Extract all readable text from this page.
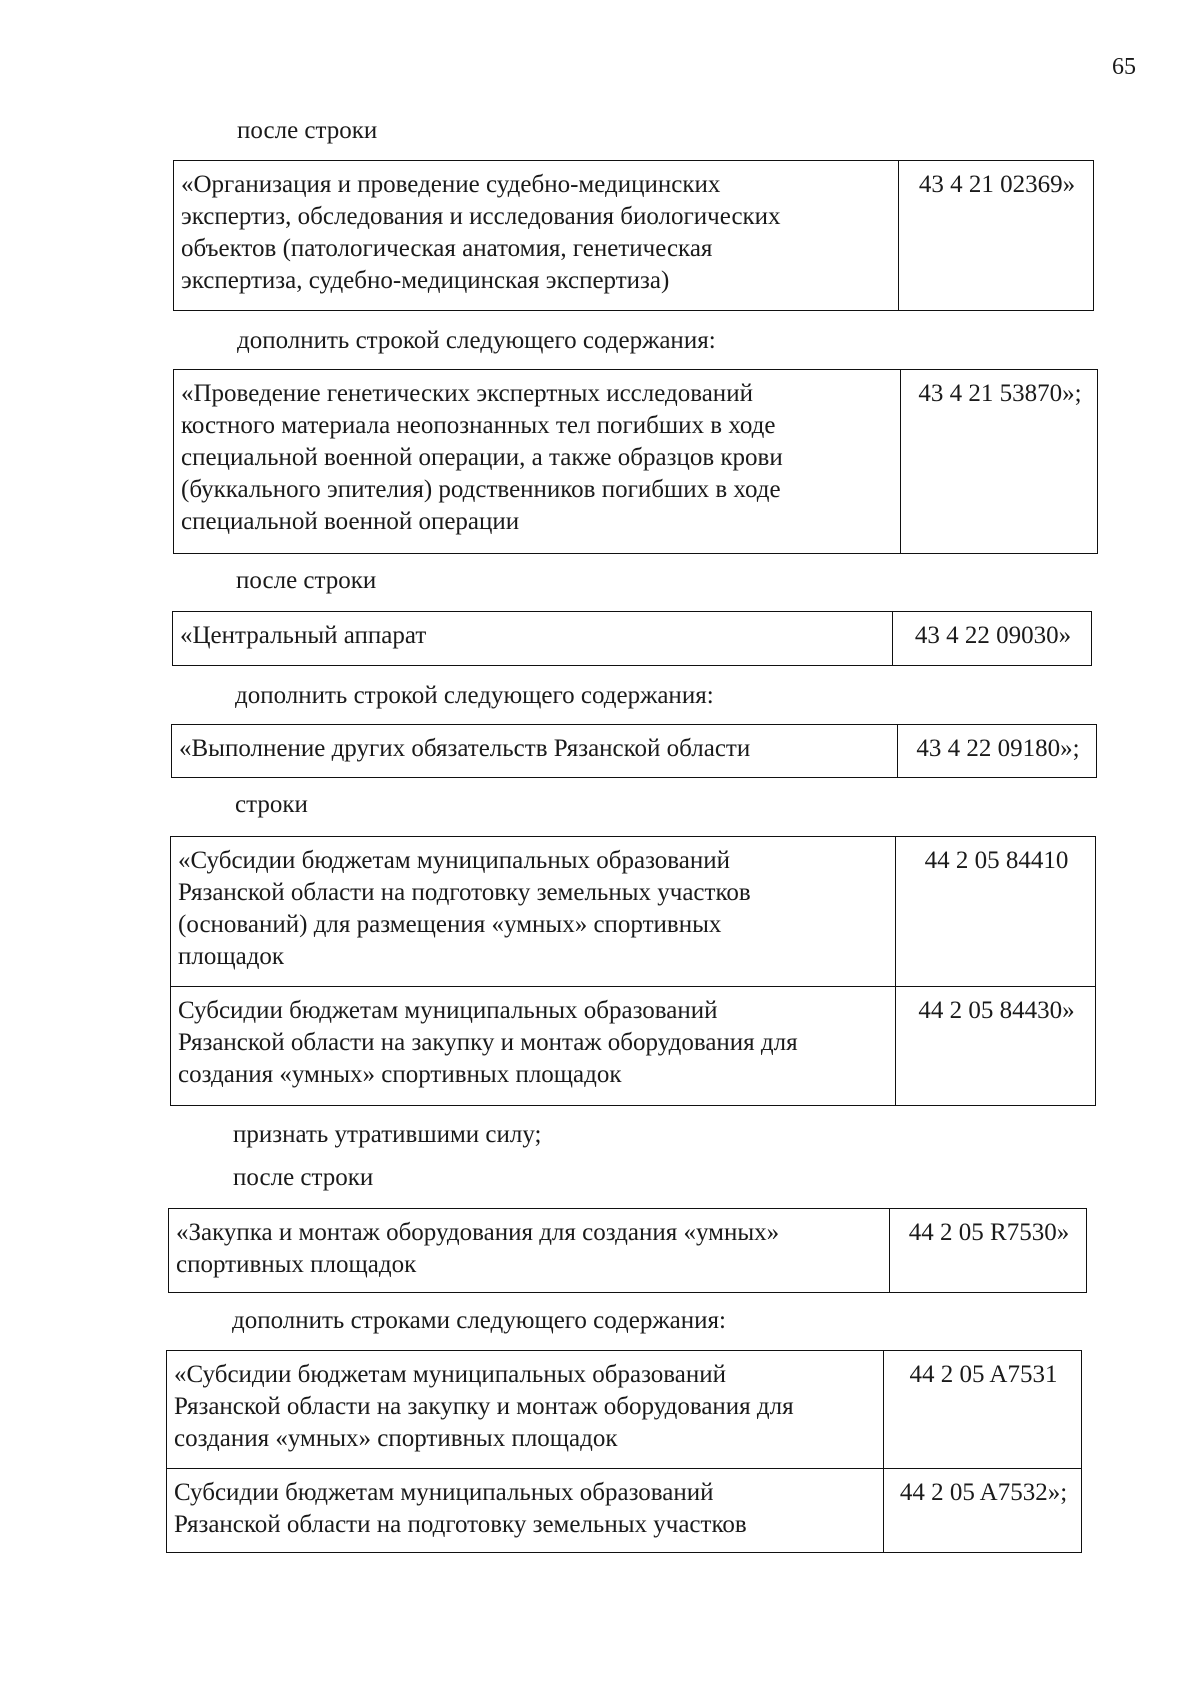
65
после строки
«Организация и проведение судебно-медицинских
экспертиз, обследования и исследования биологических
объектов (патологическая анатомия, генетическая
экспертиза, судебно-медицинская экспертиза)	43 4 21 02369»
дополнить строкой следующего содержания:
«Проведение генетических экспертных исследований
костного материала неопознанных тел погибших в ходе
специальной военной операции, а также образцов крови
(буккального эпителия) родственников погибших в ходе
специальной военной операции	43 4 21 53870»;
после строки
«Центральный аппарат	43 4 22 09030»
дополнить строкой следующего содержания:
«Выполнение других обязательств Рязанской области	43 4 22 09180»;
строки
«Субсидии бюджетам муниципальных образований
Рязанской области на подготовку земельных участков
(оснований) для размещения «умных» спортивных
площадок	44 2 05 84410
Субсидии бюджетам муниципальных образований
Рязанской области на закупку и монтаж оборудования для
создания «умных» спортивных площадок	44 2 05 84430»
признать утратившими силу;
после строки
«Закупка и монтаж оборудования для создания «умных»
спортивных площадок	44 2 05 R7530»
дополнить строками следующего содержания:
«Субсидии бюджетам муниципальных образований
Рязанской области на закупку и монтаж оборудования для
создания «умных» спортивных площадок	44 2 05 A7531
Субсидии бюджетам муниципальных образований
Рязанской области на подготовку земельных участков	44 2 05 A7532»;
